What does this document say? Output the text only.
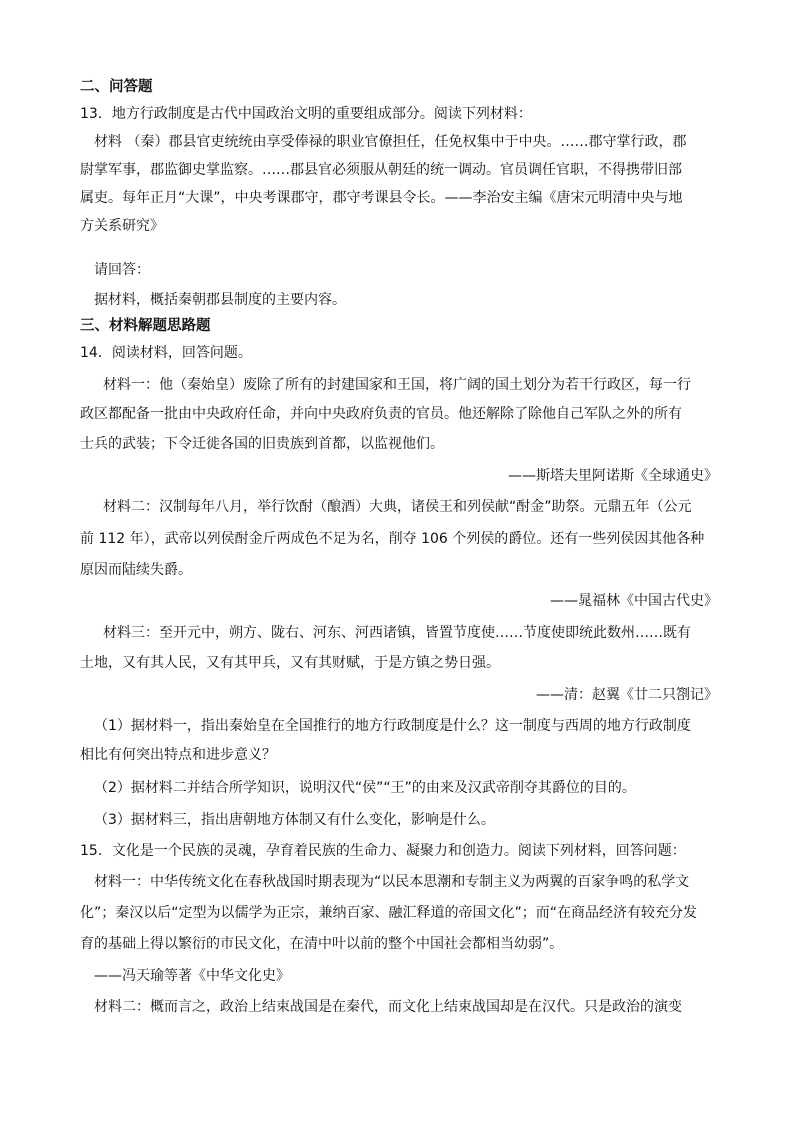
二、问答题
13．地方行政制度是古代中国政治文明的重要组成部分。阅读下列材料：
材料 （秦）郡县官吏统统由享受俸禄的职业官僚担任，任免权集中于中央。……郡守掌行政，郡
尉掌军事，郡监御史掌监察。……郡县官必须服从朝廷的统一调动。官员调任官职，不得携带旧部
属吏。每年正月“大课”，中央考课郡守，郡守考课县令长。——李治安主编《唐宋元明清中央与地
方关系研究》
请回答：
据材料，概括秦朝郡县制度的主要内容。
三、材料解题思路题
14．阅读材料，回答问题。
材料一：他（秦始皇）废除了所有的封建国家和王国，将广阔的国土划分为若干行政区，每一行
政区都配备一批由中央政府任命，并向中央政府负责的官员。他还解除了除他自己军队之外的所有
士兵的武装；下令迁徙各国的旧贵族到首都，以监视他们。
——斯塔夫里阿诺斯《全球通史》
材料二：汉制每年八月，举行饮酎（酿酒）大典，诸侯王和列侯献“酎金”助祭。元鼎五年（公元
前 112 年），武帝以列侯酎金斤两成色不足为名，削夺 106 个列侯的爵位。还有一些列侯因其他各种
原因而陆续失爵。
——晁福林《中国古代史》
材料三：至开元中，朔方、陇右、河东、河西诸镇，皆置节度使……节度使即统此数州……既有
土地，又有其人民，又有其甲兵，又有其财赋，于是方镇之势日强。
——清：赵翼《廿二只劄记》
（1）据材料一，指出秦始皇在全国推行的地方行政制度是什么？这一制度与西周的地方行政制度
相比有何突出特点和进步意义？
（2）据材料二并结合所学知识，说明汉代“侯”“王”的由来及汉武帝削夺其爵位的目的。
（3）据材料三，指出唐朝地方体制又有什么变化，影响是什么。
15．文化是一个民族的灵魂，孕育着民族的生命力、凝聚力和创造力。阅读下列材料，回答问题：
材料一：中华传统文化在春秋战国时期表现为“以民本思潮和专制主义为两翼的百家争鸣的私学文
化”；秦汉以后“定型为以儒学为正宗，兼纳百家、融汇释道的帝国文化”；而“在商品经济有较充分发
育的基础上得以繁衍的市民文化，在清中叶以前的整个中国社会都相当幼弱”。
——冯天瑜等著《中华文化史》
材料二：概而言之，政治上结束战国是在秦代，而文化上结束战国却是在汉代。只是政治的演变
